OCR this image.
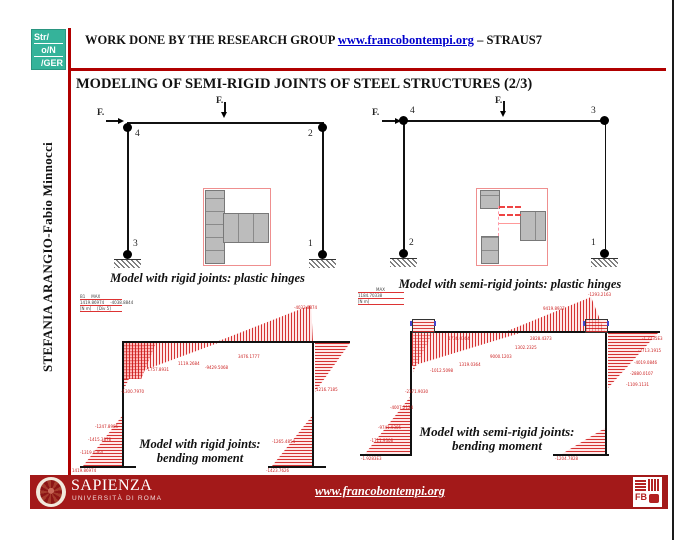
Str/
o/N
/GER
WORK DONE BY THE RESEARCH GROUP www.francobontempi.org – STRAUS7
MODELING OF SEMI-RIGID JOINTS OF STEEL STRUCTURES (2/3)
STEFANIA ARANGIO-Fabio Minnocci
4	2
3	1
F.
F.
Model with rigid joints: plastic hinges
4	3
2	1
F.
F.
Model with semi-rigid joints: plastic hinges
B1 MAX
1419.86974 -4038.8844
[N m] [Div 5]	-4033.8874
3476.1777
1119.2684
-9429.5068
-1757.8931
-1300.7970
-1247.8985
-1415.3878
-1319.0364
1419.86974
1216.7185
-1265.4854
-1423.7626
Model with rigid joints:
bending moment
MAX
1184.70338
[N m]
-1293.2163
9419.8937
1736.0364	2828.4373
1302.2325
9000.1203
1319.0364
-1012.5098
-1.7235E3
-2713.1915
-4019.0846
-2880.0107
-1109.1131
-2371.9030
-4007.2124
-9741.9305
-1711.9308
-1.9283E3	-1204.7828
Model with semi-rigid joints:
bending moment
SAPIENZA
UNIVERSITÀ DI ROMA
www.francobontempi.org	FB
